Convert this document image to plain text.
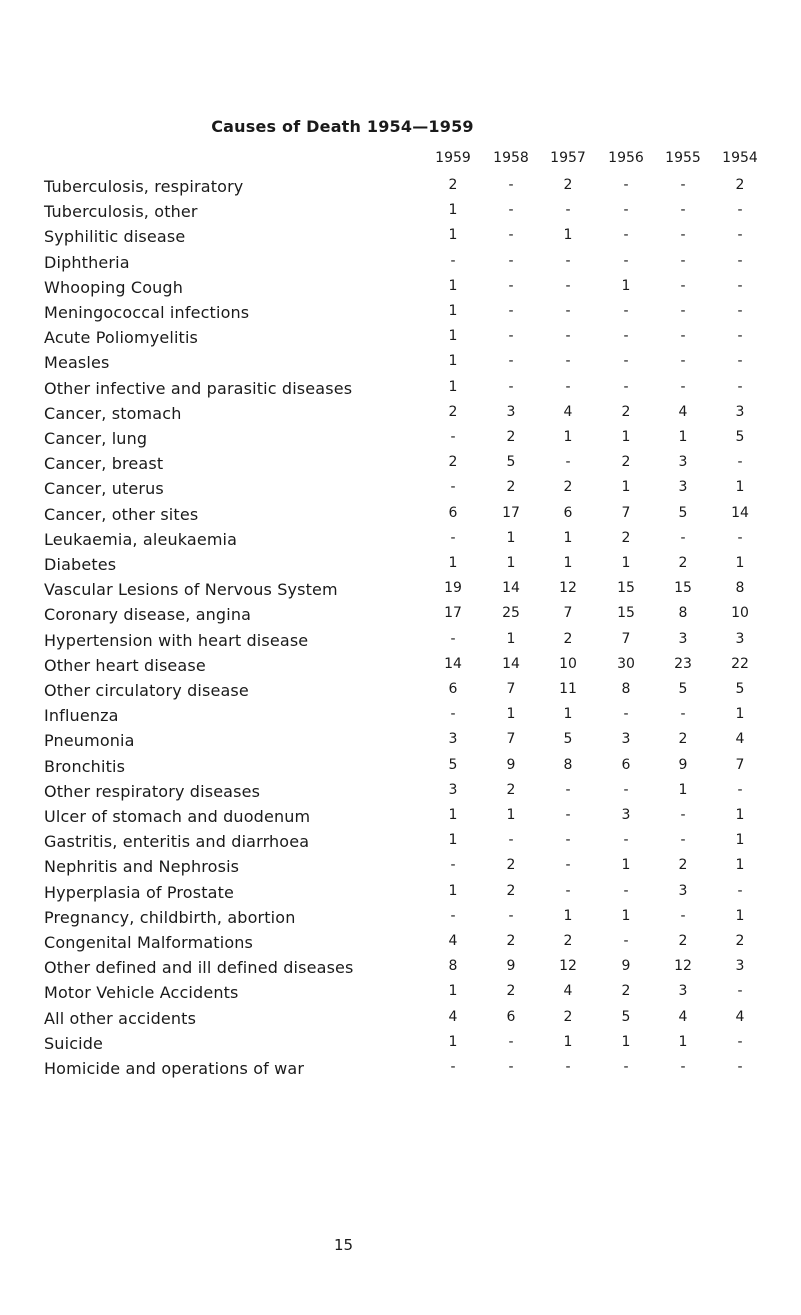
Causes of Death 1954—1959
1959	1958	1957	1956	1955	1954
Tuberculosis, respiratory	2	-	2	-	-	2
Tuberculosis, other	1	-	-	-	-	-
Syphilitic disease	1	-	1	-	-	-
Diphtheria	-	-	-	-	-	-
Whooping Cough	1	-	-	1	-	-
Meningococcal infections	1	-	-	-	-	-
Acute Poliomyelitis	1	-	-	-	-	-
Measles	1	-	-	-	-	-
Other infective and parasitic diseases	1	-	-	-	-	-
Cancer, stomach	2	3	4	2	4	3
Cancer, lung	-	2	1	1	1	5
Cancer, breast	2	5	-	2	3	-
Cancer, uterus	-	2	2	1	3	1
Cancer, other sites	6	17	6	7	5	14
Leukaemia, aleukaemia	-	1	1	2	-	-
Diabetes	1	1	1	1	2	1
Vascular Lesions of Nervous System	19	14	12	15	15	8
Coronary disease, angina	17	25	7	15	8	10
Hypertension with heart disease	-	1	2	7	3	3
Other heart disease	14	14	10	30	23	22
Other circulatory disease	6	7	11	8	5	5
Influenza	-	1	1	-	-	1
Pneumonia	3	7	5	3	2	4
Bronchitis	5	9	8	6	9	7
Other respiratory diseases	3	2	-	-	1	-
Ulcer of stomach and duodenum	1	1	-	3	-	1
Gastritis, enteritis and diarrhoea	1	-	-	-	-	1
Nephritis and Nephrosis	-	2	-	1	2	1
Hyperplasia of Prostate	1	2	-	-	3	-
Pregnancy, childbirth, abortion	-	-	1	1	-	1
Congenital Malformations	4	2	2	-	2	2
Other defined and ill defined diseases	8	9	12	9	12	3
Motor Vehicle Accidents	1	2	4	2	3	-
All other accidents	4	6	2	5	4	4
Suicide	1	-	1	1	1	-
Homicide and operations of war	-	-	-	-	-	-
15
